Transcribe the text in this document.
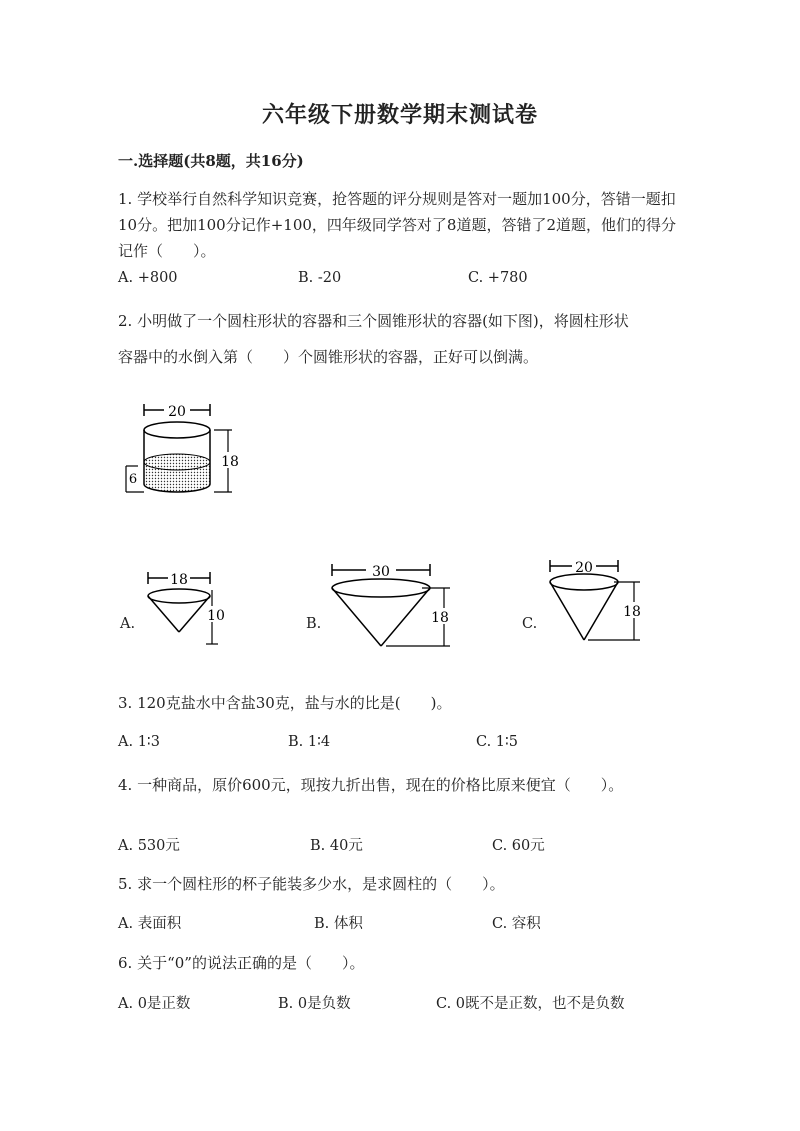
六年级下册数学期末测试卷
一.选择题(共8题，共16分)
1. 学校举行自然科学知识竞赛，抢答题的评分规则是答对一题加100分，答错一题扣10分。把加100分记作+100，四年级同学答对了8道题，答错了2道题，他们的得分记作（　　）。
A. +800	B. -20	C. +780
2. 小明做了一个圆柱形状的容器和三个圆锥形状的容器(如下图)，将圆柱形状
容器中的水倒入第（　　）个圆锥形状的容器，正好可以倒满。
20
18
6
A.
18
10	B.
30
18	C.
20
18
3. 120克盐水中含盐30克，盐与水的比是(　　)。
A. 1∶3	B. 1∶4	C. 1∶5
4. 一种商品，原价600元，现按九折出售，现在的价格比原来便宜（　　）。
A. 530元	B. 40元	C. 60元
5. 求一个圆柱形的杯子能装多少水，是求圆柱的（　　）。
A. 表面积	B. 体积	C. 容积
6. 关于“0”的说法正确的是（　　）。
A. 0是正数	B. 0是负数	C. 0既不是正数，也不是负数
